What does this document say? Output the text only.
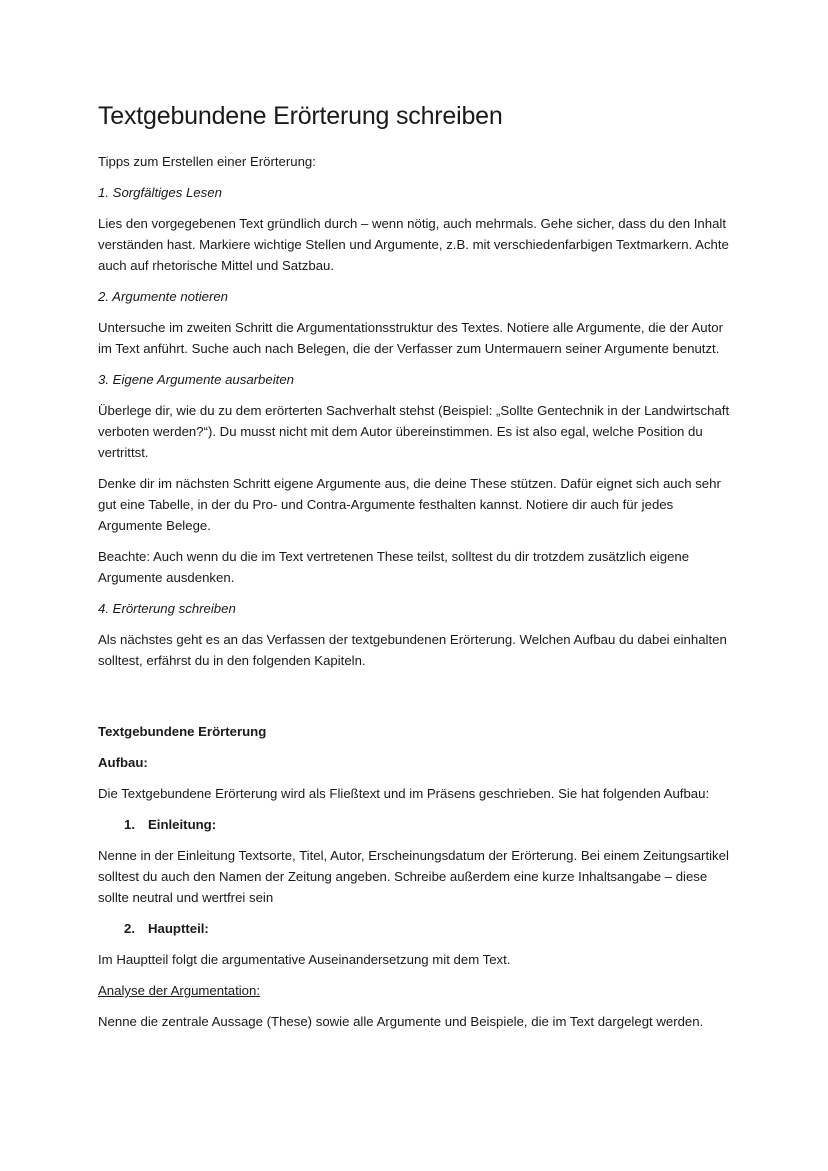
Textgebundene Erörterung schreiben

Tipps zum Erstellen einer Erörterung:

1. Sorgfältiges Lesen

Lies den vorgegebenen Text gründlich durch – wenn nötig, auch mehrmals. Gehe sicher, dass du den Inhalt verständen hast. Markiere wichtige Stellen und Argumente, z.B. mit verschiedenfarbigen Textmarkern. Achte auch auf rhetorische Mittel und Satzbau.

2. Argumente notieren

Untersuche im zweiten Schritt die Argumentationsstruktur des Textes. Notiere alle Argumente, die der Autor im Text anführt. Suche auch nach Belegen, die der Verfasser zum Untermauern seiner Argumente benutzt.

3. Eigene Argumente ausarbeiten

Überlege dir, wie du zu dem erörterten Sachverhalt stehst (Beispiel: „Sollte Gentechnik in der Landwirtschaft verboten werden?“). Du musst nicht mit dem Autor übereinstimmen. Es ist also egal, welche Position du vertrittst.

Denke dir im nächsten Schritt eigene Argumente aus, die deine These stützen. Dafür eignet sich auch sehr gut eine Tabelle, in der du Pro- und Contra-Argumente festhalten kannst. Notiere dir auch für jedes Argumente Belege.

Beachte: Auch wenn du die im Text vertretenen These teilst, solltest du dir trotzdem zusätzlich eigene Argumente ausdenken.

4. Erörterung schreiben

Als nächstes geht es an das Verfassen der textgebundenen Erörterung. Welchen Aufbau du dabei einhalten solltest, erfährst du in den folgenden Kapiteln.

Textgebundene Erörterung

Aufbau:

Die Textgebundene Erörterung wird als Fließtext und im Präsens geschrieben. Sie hat folgenden Aufbau:

1. Einleitung:

Nenne in der Einleitung Textsorte, Titel, Autor, Erscheinungsdatum der Erörterung. Bei einem Zeitungsartikel solltest du auch den Namen der Zeitung angeben. Schreibe außerdem eine kurze Inhaltsangabe – diese sollte neutral und wertfrei sein

2. Hauptteil:

Im Hauptteil folgt die argumentative Auseinandersetzung mit dem Text.

Analyse der Argumentation:

Nenne die zentrale Aussage (These) sowie alle Argumente und Beispiele, die im Text dargelegt werden.
